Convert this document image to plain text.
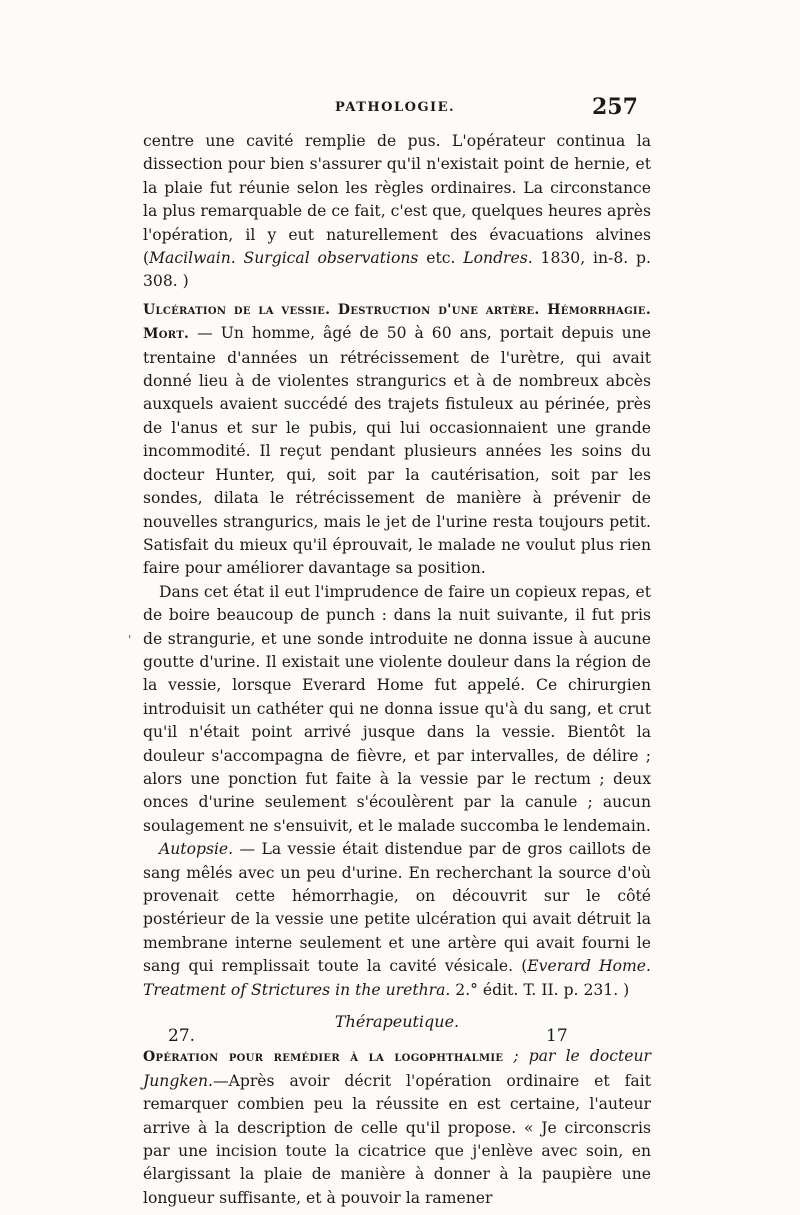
PATHOLOGIE.	257

centre une cavité remplie de pus. L'opérateur continua la dissection pour bien s'assurer qu'il n'existait point de hernie, et la plaie fut réunie selon les règles ordinaires. La circonstance la plus remarquable de ce fait, c'est que, quelques heures après l'opération, il y eut naturellement des évacuations alvines (Macilwain. Surgical observations etc. Londres. 1830, in-8. p. 308. )

Ulcération de la vessie. Destruction d'une artère. Hémorrhagie. Mort. — Un homme, âgé de 50 à 60 ans, portait depuis une trentaine d'années un rétrécissement de l'urètre, qui avait donné lieu à de violentes strangurics et à de nombreux abcès auxquels avaient succédé des trajets fistuleux au périnée, près de l'anus et sur le pubis, qui lui occasionnaient une grande incommodité. Il reçut pendant plusieurs années les soins du docteur Hunter, qui, soit par la cautérisation, soit par les sondes, dilata le rétrécissement de manière à prévenir de nouvelles strangurics, mais le jet de l'urine resta toujours petit. Satisfait du mieux qu'il éprouvait, le malade ne voulut plus rien faire pour améliorer davantage sa position.

Dans cet état il eut l'imprudence de faire un copieux repas, et de boire beaucoup de punch : dans la nuit suivante, il fut pris de strangurie, et une sonde introduite ne donna issue à aucune goutte d'urine. Il existait une violente douleur dans la région de la vessie, lorsque Everard Home fut appelé. Ce chirurgien introduisit un cathéter qui ne donna issue qu'à du sang, et crut qu'il n'était point arrivé jusque dans la vessie. Bientôt la douleur s'accompagna de fièvre, et par intervalles, de délire ; alors une ponction fut faite à la vessie par le rectum ; deux onces d'urine seulement s'écoulèrent par la canule ; aucun soulagement ne s'ensuivit, et le malade succomba le lendemain.

Autopsie. — La vessie était distendue par de gros caillots de sang mêlés avec un peu d'urine. En recherchant la source d'où provenait cette hémorrhagie, on découvrit sur le côté postérieur de la vessie une petite ulcération qui avait détruit la membrane interne seulement et une artère qui avait fourni le sang qui remplissait toute la cavité vésicale. (Everard Home. Treatment of Strictures in the urethra. 2.° édit. T. II. p. 231. )

Thérapeutique.

Opération pour remédier à la logophthalmie ; par le docteur Jungken.—Après avoir décrit l'opération ordinaire et fait remarquer combien peu la réussite en est certaine, l'auteur arrive à la description de celle qu'il propose. « Je circonscris par une incision toute la cicatrice que j'enlève avec soin, en élargissant la plaie de manière à donner à la paupière une longueur suffisante, et à pouvoir la ramener

'
27.	17
